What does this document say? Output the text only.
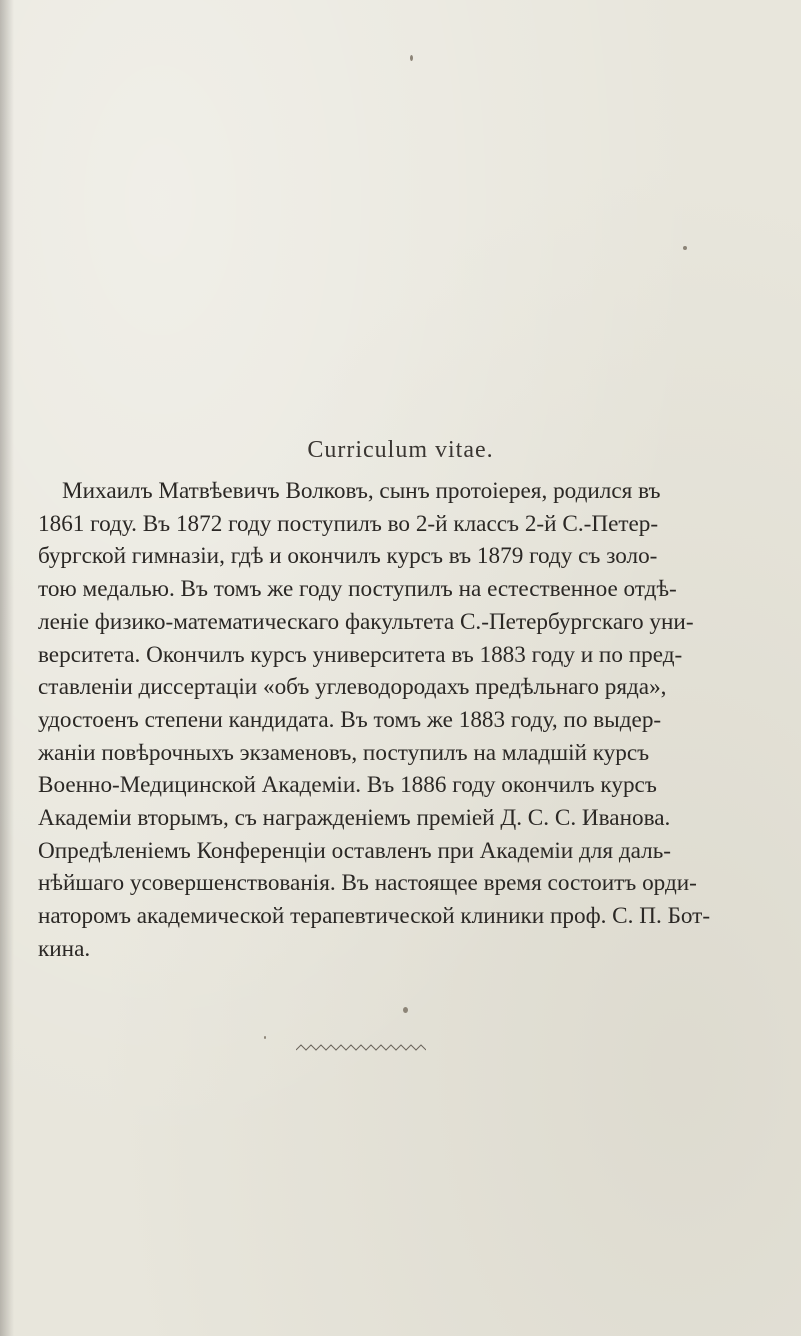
Curriculum vitae.
Михаилъ Матвѣевичъ Волковъ, сынъ протоіерея, родился въ
1861 году. Въ 1872 году поступилъ во 2-й классъ 2-й С.-Петер-
бургской гимназіи, гдѣ и окончилъ курсъ въ 1879 году съ золо-
тою медалью. Въ томъ же году поступилъ на естественное отдѣ-
леніе физико-математическаго факультета С.-Петербургскаго уни-
верситета. Окончилъ курсъ университета въ 1883 году и по пред-
ставленіи диссертаціи «объ углеводородахъ предѣльнаго ряда»,
удостоенъ степени кандидата. Въ томъ же 1883 году, по выдер-
жаніи повѣрочныхъ экзаменовъ, поступилъ на младшій курсъ
Военно-Медицинской Академіи. Въ 1886 году окончилъ курсъ
Академіи вторымъ, съ награжденіемъ преміей Д. С. С. Иванова.
Опредѣленіемъ Конференціи оставленъ при Академіи для даль-
нѣйшаго усовершенствованія. Въ настоящее время состоитъ орди-
наторомъ академической терапевтической клиники проф. С. П. Бот-
кина.
